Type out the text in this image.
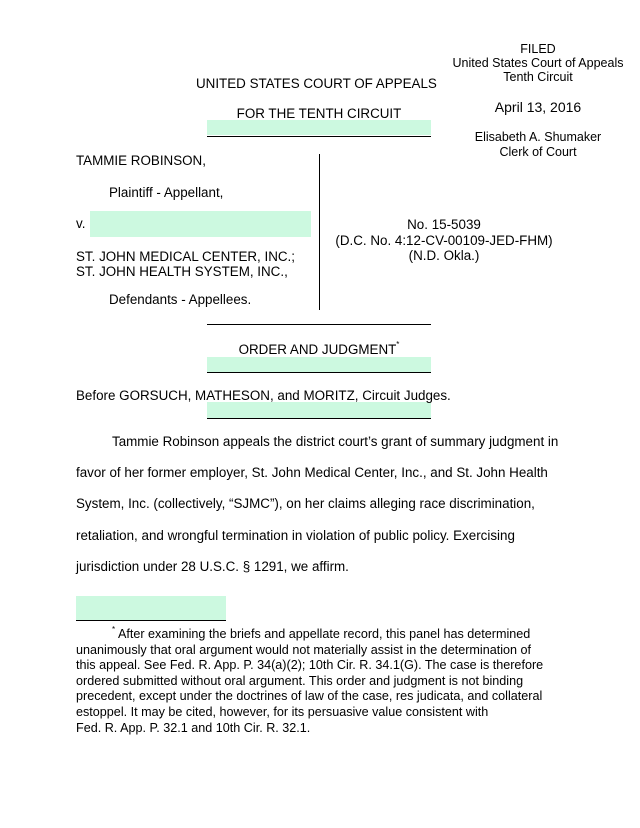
FILED
United States Court of Appeals
Tenth Circuit
April 13, 2016
Elisabeth A. Shumaker
Clerk of Court
UNITED STATES COURT OF APPEALS
FOR THE TENTH CIRCUIT
TAMMIE ROBINSON,
Plaintiff - Appellant,
v.
ST. JOHN MEDICAL CENTER, INC.;
ST. JOHN HEALTH SYSTEM, INC.,
Defendants - Appellees.
No. 15-5039
(D.C. No. 4:12-CV-00109-JED-FHM)
(N.D. Okla.)
ORDER AND JUDGMENT*
Before GORSUCH, MATHESON, and MORITZ, Circuit Judges.
Tammie Robinson appeals the district court’s grant of summary judgment in
favor of her former employer, St. John Medical Center, Inc., and St. John Health
System, Inc. (collectively, “SJMC”), on her claims alleging race discrimination,
retaliation, and wrongful termination in violation of public policy. Exercising
jurisdiction under 28 U.S.C. § 1291, we affirm.
* After examining the briefs and appellate record, this panel has determined
unanimously that oral argument would not materially assist in the determination of
this appeal. See Fed. R. App. P. 34(a)(2); 10th Cir. R. 34.1(G). The case is therefore
ordered submitted without oral argument. This order and judgment is not binding
precedent, except under the doctrines of law of the case, res judicata, and collateral
estoppel. It may be cited, however, for its persuasive value consistent with
Fed. R. App. P. 32.1 and 10th Cir. R. 32.1.
